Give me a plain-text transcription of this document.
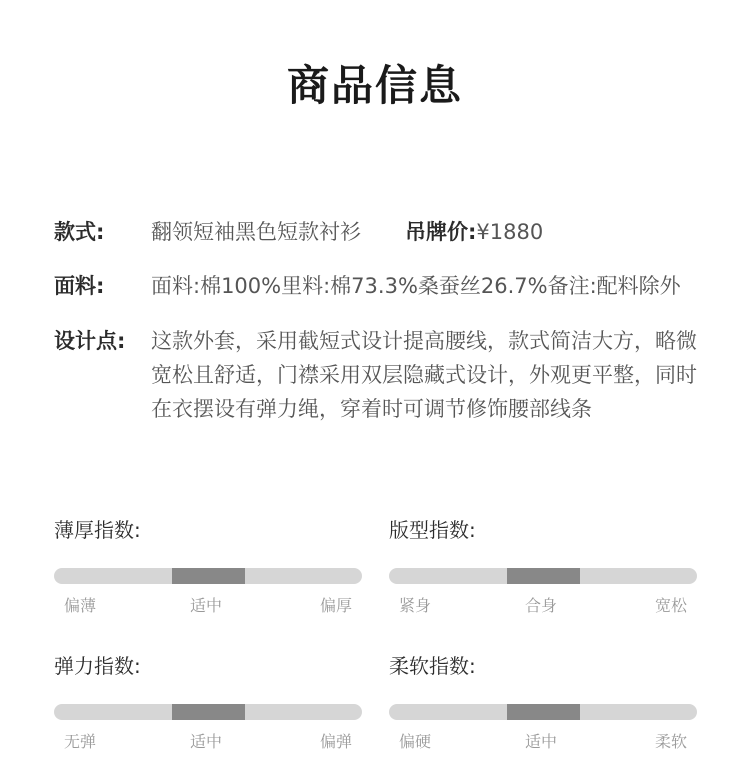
商品信息
款式:	翻领短袖黑色短款衬衫 吊牌价: ¥1880
面料:	面料:棉100%里料:棉73.3%桑蚕丝26.7%备注:配料除外
设计点:	这款外套，采用截短式设计提高腰线，款式简洁大方，略微宽松且舒适，门襟采用双层隐藏式设计，外观更平整，同时在衣摆设有弹力绳，穿着时可调节修饰腰部线条
薄厚指数:
偏薄	适中	偏厚
版型指数:
紧身	合身	宽松
弹力指数:
无弹	适中	偏弹
柔软指数:
偏硬	适中	柔软
